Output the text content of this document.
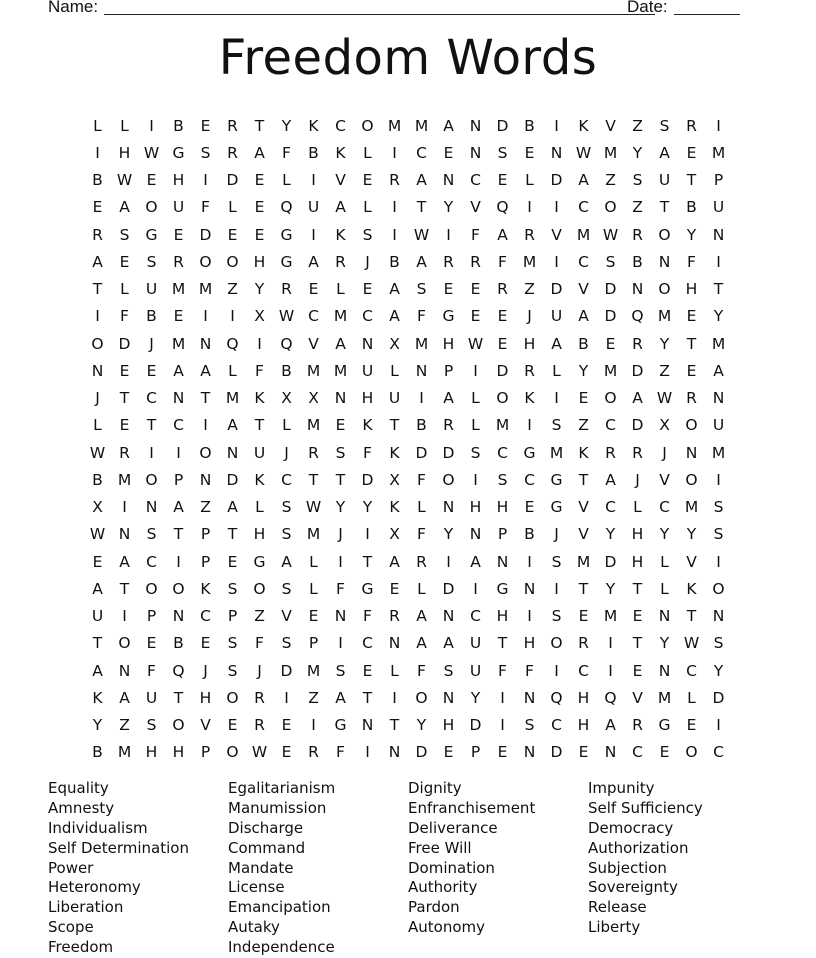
Name:	Date:
Freedom Words
L	L	I	B	E	R	T	Y	K	C O M M A	N D	B	I	K	V	Z	S	R	I
I	H W G	S	R	A	F	B	K	L	I	C	E	N	S	E	N W M	Y	A	E M
B W E	H	I	D	E	L	I	V	E	R	A	N	C	E	L	D	A	Z	S	U	T	P
E	A	O U	F	L	E	Q U	A	L	I	T	Y	V	Q	I	I	C O	Z	T	B	U
R	S	G	E	D	E	E	G	I	K	S	I	W	I	F	A	R	V M W R	O	Y	N
A	E	S	R	O O H G	A	R	J	B	A	R	R	F	M	I	C	S	B	N	F	I
T	L	U M M Z	Y	R	E	L	E	A	S	E	E	R	Z	D	V	D N O H	T
I	F	B	E	I	I	X W C M C	A	F	G	E	E	J	U	A	D Q M E	Y
O D	J	M N Q	I	Q	V	A	N	X M H W E	H	A	B	E	R	Y	T	M
N	E	E	A	A	L	F	B M M U	L	N	P	I	D	R	L	Y	M D	Z	E	A
J	T	C	N	T	M K	X	X	N H U	I	A	L	O	K	I	E	O	A W R	N
L	E	T	C	I	A	T	L	M E	K	T	B	R	L	M	I	S	Z	C	D	X	O U
W R	I	I	O N	U	J	R	S	F	K	D D	S	C	G M K	R	R	J	N M
B M O	P	N D	K	C	T	T	D	X	F	O	I	S	C	G	T	A	J	V	O	I
X	I	N	A	Z	A	L	S W Y	Y	K	L	N H H	E	G	V	C	L	C M S
W N	S	T	P	T	H	S M	J	I	X	F	Y	N	P	B	J	V	Y	H	Y	Y	S
E	A	C	I	P	E	G	A	L	I	T	A	R	I	A	N	I	S M D H	L	V	I
A	T	O O	K	S	O	S	L	F	G	E	L	D	I	G N	I	T	Y	T	L	K	O
U	I	P	N	C	P	Z	V	E	N	F	R	A	N	C	H	I	S	E M E	N	T	N
T	O	E	B	E	S	F	S	P	I	C	N	A	A	U	T	H O	R	I	T	Y W S
A	N	F	Q	J	S	J	D M S	E	L	F	S	U	F	F	I	C	I	E	N	C	Y
K	A	U	T	H O	R	I	Z	A	T	I	O N	Y	I	N Q H Q	V M	L	D
Y	Z	S	O	V	E	R	E	I	G N	T	Y	H D	I	S	C	H	A	R	G	E	I
B M H H	P	O W E	R	F	I	N D	E	P	E	N D	E	N	C	E	O C
Equality
Amnesty
Individualism
Self Determination
Power
Heteronomy
Liberation
Scope
Freedom
Egalitarianism
Manumission
Discharge
Command
Mandate
License
Emancipation
Autaky
Independence
Dignity
Enfranchisement
Deliverance
Free Will
Domination
Authority
Pardon
Autonomy
Impunity
Self Sufficiency
Democracy
Authorization
Subjection
Sovereignty
Release
Liberty
